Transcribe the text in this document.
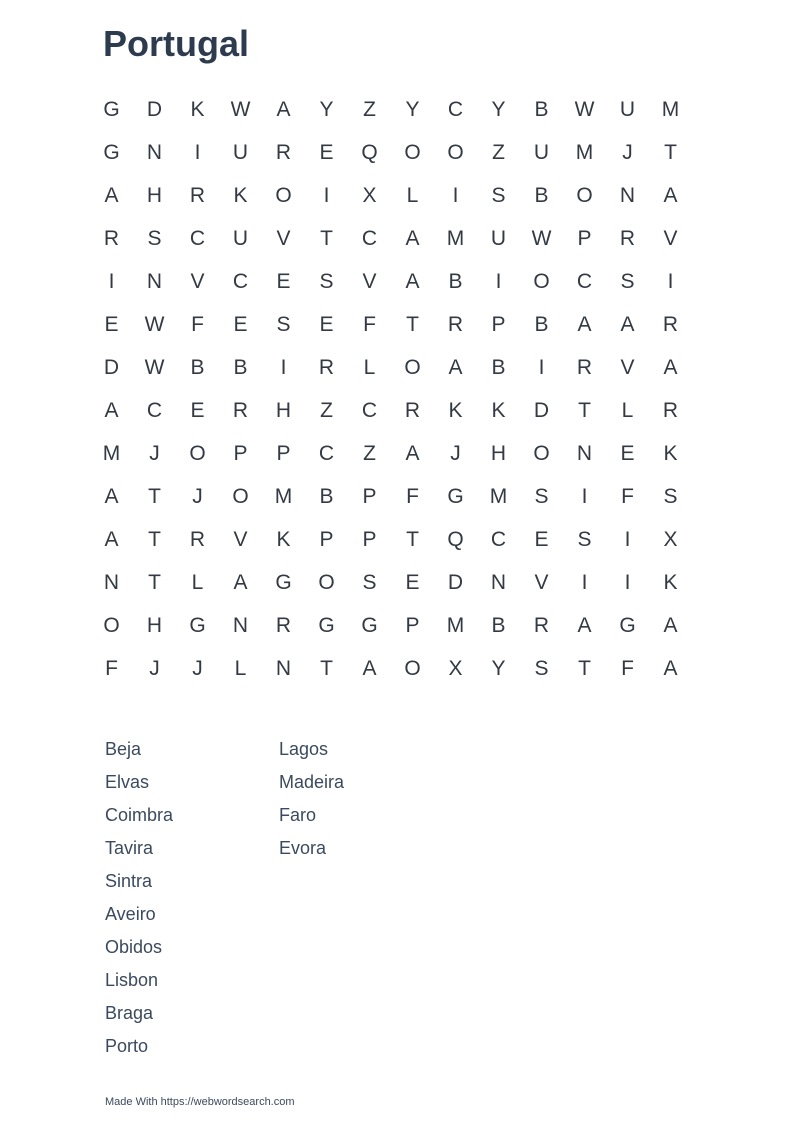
Portugal
G	D	K	W	A	Y	Z	Y	C	Y	B	W	U	M
G	N	I	U	R	E	Q	O	O	Z	U	M	J	T
A	H	R	K	O	I	X	L	I	S	B	O	N	A
R	S	C	U	V	T	C	A	M	U	W	P	R	V
I	N	V	C	E	S	V	A	B	I	O	C	S	I
E	W	F	E	S	E	F	T	R	P	B	A	A	R
D	W	B	B	I	R	L	O	A	B	I	R	V	A
A	C	E	R	H	Z	C	R	K	K	D	T	L	R
M	J	O	P	P	C	Z	A	J	H	O	N	E	K
A	T	J	O	M	B	P	F	G	M	S	I	F	S
A	T	R	V	K	P	P	T	Q	C	E	S	I	X
N	T	L	A	G	O	S	E	D	N	V	I	I	K
O	H	G	N	R	G	G	P	M	B	R	A	G	A
F	J	J	L	N	T	A	O	X	Y	S	T	F	A
Beja
Elvas
Coimbra
Tavira
Sintra
Aveiro
Obidos
Lisbon
Braga
Porto
Lagos
Madeira
Faro
Evora
Made With https://webwordsearch.com
